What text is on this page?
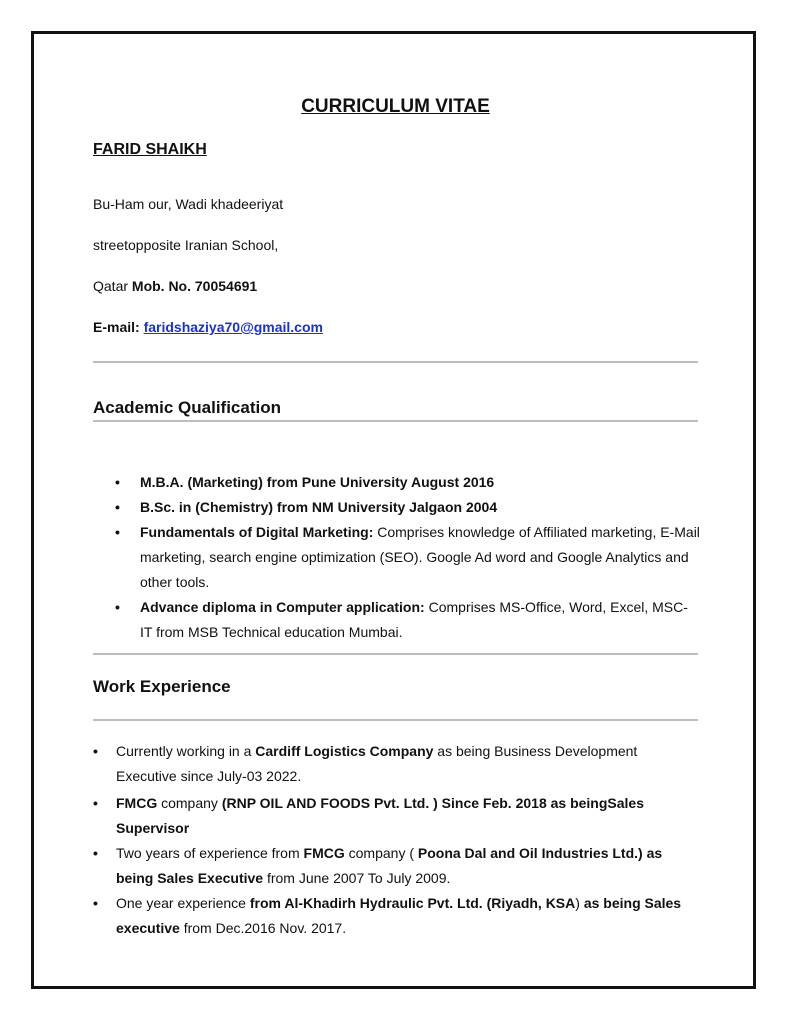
CURRICULUM VITAE
FARID SHAIKH
Bu-Ham our, Wadi khadeeriyat
streetopposite Iranian School,
Qatar Mob. No. 70054691
E-mail: faridshaziya70@gmail.com
Academic Qualification
• M.B.A. (Marketing) from Pune University August 2016
• B.Sc. in (Chemistry) from NM University Jalgaon 2004
• Fundamentals of Digital Marketing: Comprises knowledge of Affiliated marketing, E-Mail marketing, search engine optimization (SEO). Google Ad word and Google Analytics and other tools.
• Advance diploma in Computer application: Comprises MS-Office, Word, Excel, MSC-IT from MSB Technical education Mumbai.
Work Experience
• Currently working in a Cardiff Logistics Company as being Business Development Executive since July-03 2022.
• FMCG company (RNP OIL AND FOODS Pvt. Ltd. ) Since Feb. 2018 as beingSales Supervisor
• Two years of experience from FMCG company ( Poona Dal and Oil Industries Ltd.) as being Sales Executive from June 2007 To July 2009.
• One year experience from Al-Khadirh Hydraulic Pvt. Ltd. (Riyadh, KSA) as being Sales executive from Dec.2016 Nov. 2017.
